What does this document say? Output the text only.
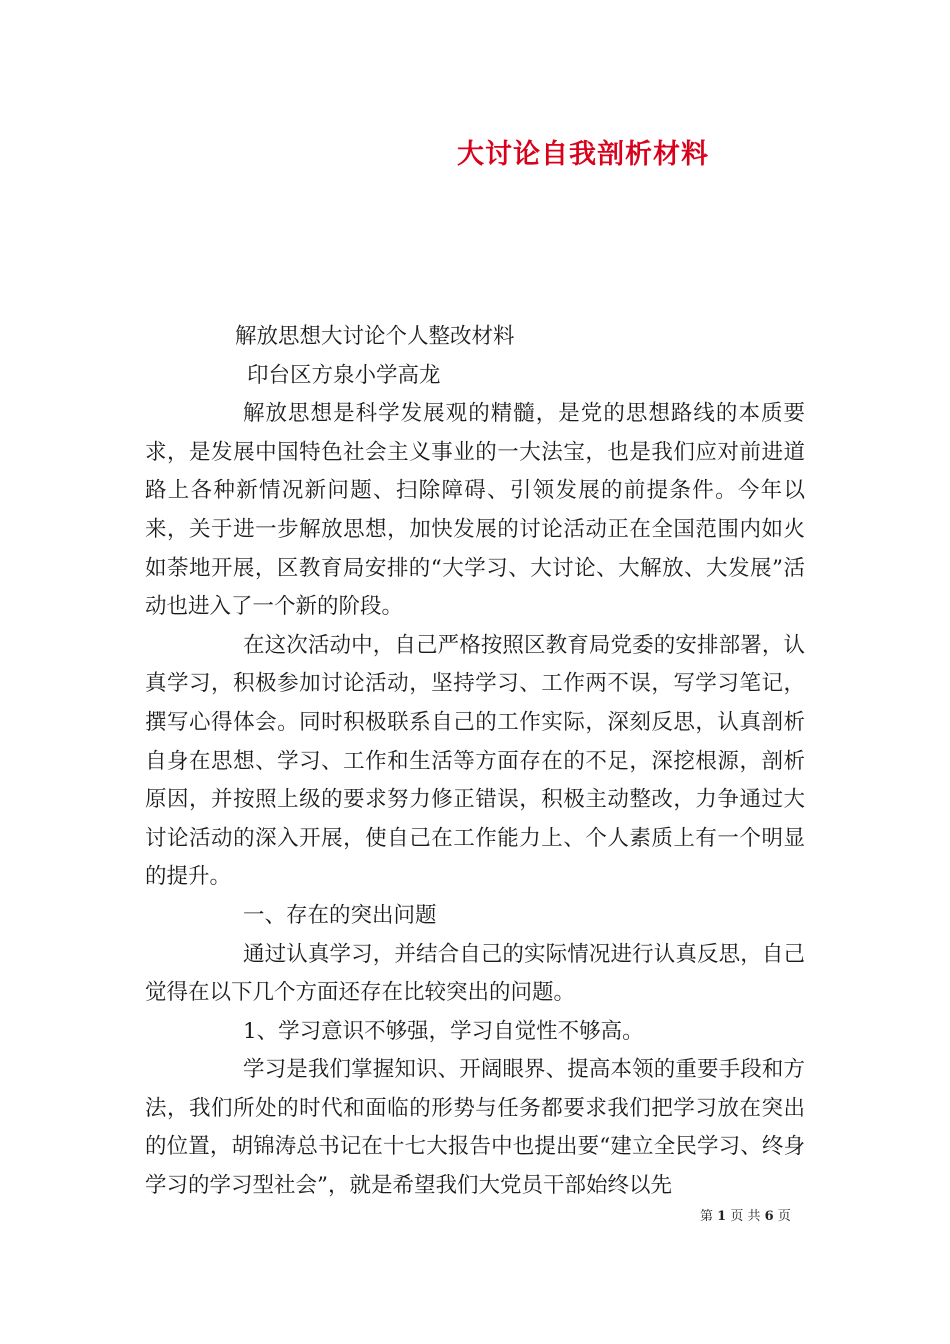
大讨论自我剖析材料

解放思想大讨论个人整改材料

印台区方泉小学高龙

解放思想是科学发展观的精髓，是党的思想路线的本质要求，是发展中国特色社会主义事业的一大法宝，也是我们应对前进道路上各种新情况新问题、扫除障碍、引领发展的前提条件。今年以来，关于进一步解放思想，加快发展的讨论活动正在全国范围内如火如荼地开展，区教育局安排的“大学习、大讨论、大解放、大发展”活动也进入了一个新的阶段。

在这次活动中，自己严格按照区教育局党委的安排部署，认真学习，积极参加讨论活动，坚持学习、工作两不误，写学习笔记，撰写心得体会。同时积极联系自己的工作实际，深刻反思，认真剖析自身在思想、学习、工作和生活等方面存在的不足，深挖根源，剖析原因，并按照上级的要求努力修正错误，积极主动整改，力争通过大讨论活动的深入开展，使自己在工作能力上、个人素质上有一个明显的提升。

一、存在的突出问题

通过认真学习，并结合自己的实际情况进行认真反思，自己觉得在以下几个方面还存在比较突出的问题。

1、学习意识不够强，学习自觉性不够高。

学习是我们掌握知识、开阔眼界、提高本领的重要手段和方法，我们所处的时代和面临的形势与任务都要求我们把学习放在突出的位置，胡锦涛总书记在十七大报告中也提出要“建立全民学习、终身学习的学习型社会”，就是希望我们大党员干部始终以先

第 1 页 共 6 页
